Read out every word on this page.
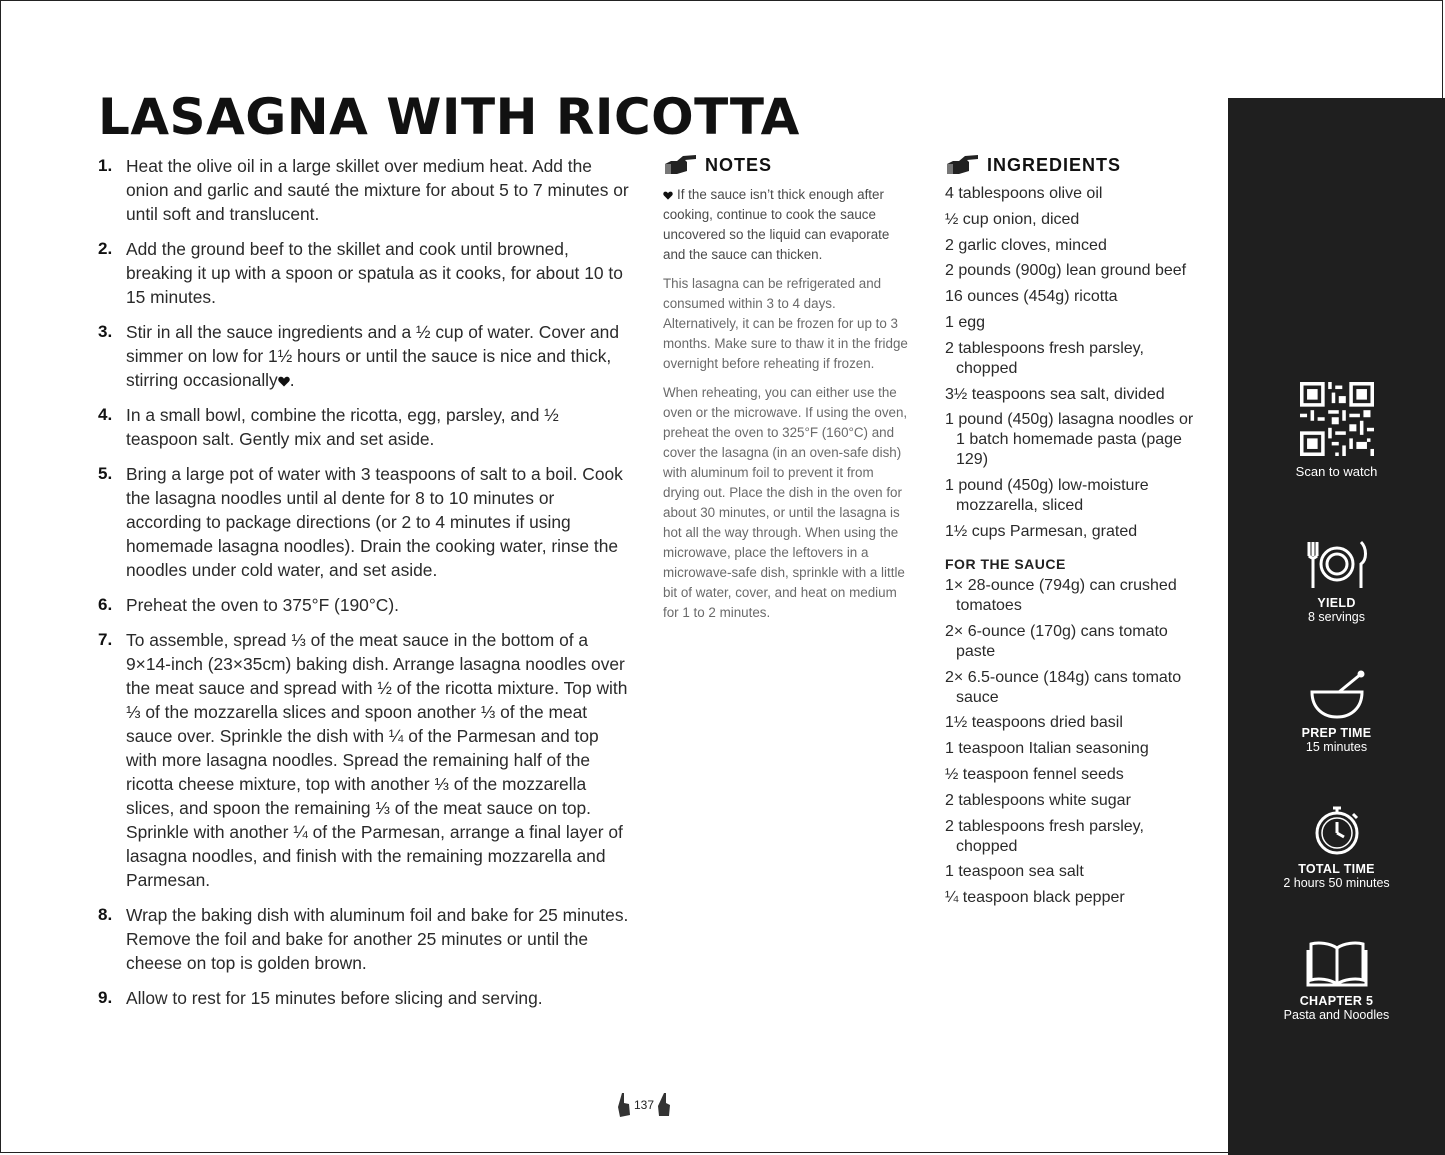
LASAGNA WITH RICOTTA
1. Heat the olive oil in a large skillet over medium heat. Add the onion and garlic and sauté the mixture for about 5 to 7 minutes or until soft and translucent.
2. Add the ground beef to the skillet and cook until browned, breaking it up with a spoon or spatula as it cooks, for about 10 to 15 minutes.
3. Stir in all the sauce ingredients and a ½ cup of water. Cover and simmer on low for 1½ hours or until the sauce is nice and thick, stirring occasionally .
4. In a small bowl, combine the ricotta, egg, parsley, and ½ teaspoon salt. Gently mix and set aside.
5. Bring a large pot of water with 3 teaspoons of salt to a boil. Cook the lasagna noodles until al dente for 8 to 10 minutes or according to package directions (or 2 to 4 minutes if using homemade lasagna noodles). Drain the cooking water, rinse the noodles under cold water, and set aside.
6. Preheat the oven to 375°F (190°C).
7. To assemble, spread ⅓ of the meat sauce in the bottom of a 9×14-inch (23×35cm) baking dish. Arrange lasagna noodles over the meat sauce and spread with ½ of the ricotta mixture. Top with ⅓ of the mozzarella slices and spoon another ⅓ of the meat sauce over. Sprinkle the dish with ¼ of the Parmesan and top with more lasagna noodles. Spread the remaining half of the ricotta cheese mixture, top with another ⅓ of the mozzarella slices, and spoon the remaining ⅓ of the meat sauce on top. Sprinkle with another ¼ of the Parmesan, arrange a final layer of lasagna noodles, and finish with the remaining mozzarella and Parmesan.
8. Wrap the baking dish with aluminum foil and bake for 25 minutes. Remove the foil and bake for another 25 minutes or until the cheese on top is golden brown.
9. Allow to rest for 15 minutes before slicing and serving.
NOTES

If the sauce isn’t thick enough after cooking, continue to cook the sauce uncovered so the liquid can evaporate and the sauce can thicken.

This lasagna can be refrigerated and consumed within 3 to 4 days. Alternatively, it can be frozen for up to 3 months. Make sure to thaw it in the fridge overnight before reheating if frozen.

When reheating, you can either use the oven or the microwave. If using the oven, preheat the oven to 325°F (160°C) and cover the lasagna (in an oven-safe dish) with aluminum foil to prevent it from drying out. Place the dish in the oven for about 30 minutes, or until the lasagna is hot all the way through. When using the microwave, place the leftovers in a microwave-safe dish, sprinkle with a little bit of water, cover, and heat on medium for 1 to 2 minutes.

INGREDIENTS
4 tablespoons olive oil
½ cup onion, diced
2 garlic cloves, minced
2 pounds (900g) lean ground beef
16 ounces (454g) ricotta
1 egg
2 tablespoons fresh parsley, chopped
3½ teaspoons sea salt, divided
1 pound (450g) lasagna noodles or 1 batch homemade pasta (page 129)
1 pound (450g) low-moisture mozzarella, sliced
1½ cups Parmesan, grated
FOR THE SAUCE
1× 28-ounce (794g) can crushed tomatoes
2× 6-ounce (170g) cans tomato paste
2× 6.5-ounce (184g) cans tomato sauce
1½ teaspoons dried basil
1 teaspoon Italian seasoning
½ teaspoon fennel seeds
2 tablespoons white sugar
2 tablespoons fresh parsley, chopped
1 teaspoon sea salt
¼ teaspoon black pepper
Scan to watch
YIELD
8 servings
PREP TIME
15 minutes
TOTAL TIME
2 hours 50 minutes
CHAPTER 5
Pasta and Noodles
137
